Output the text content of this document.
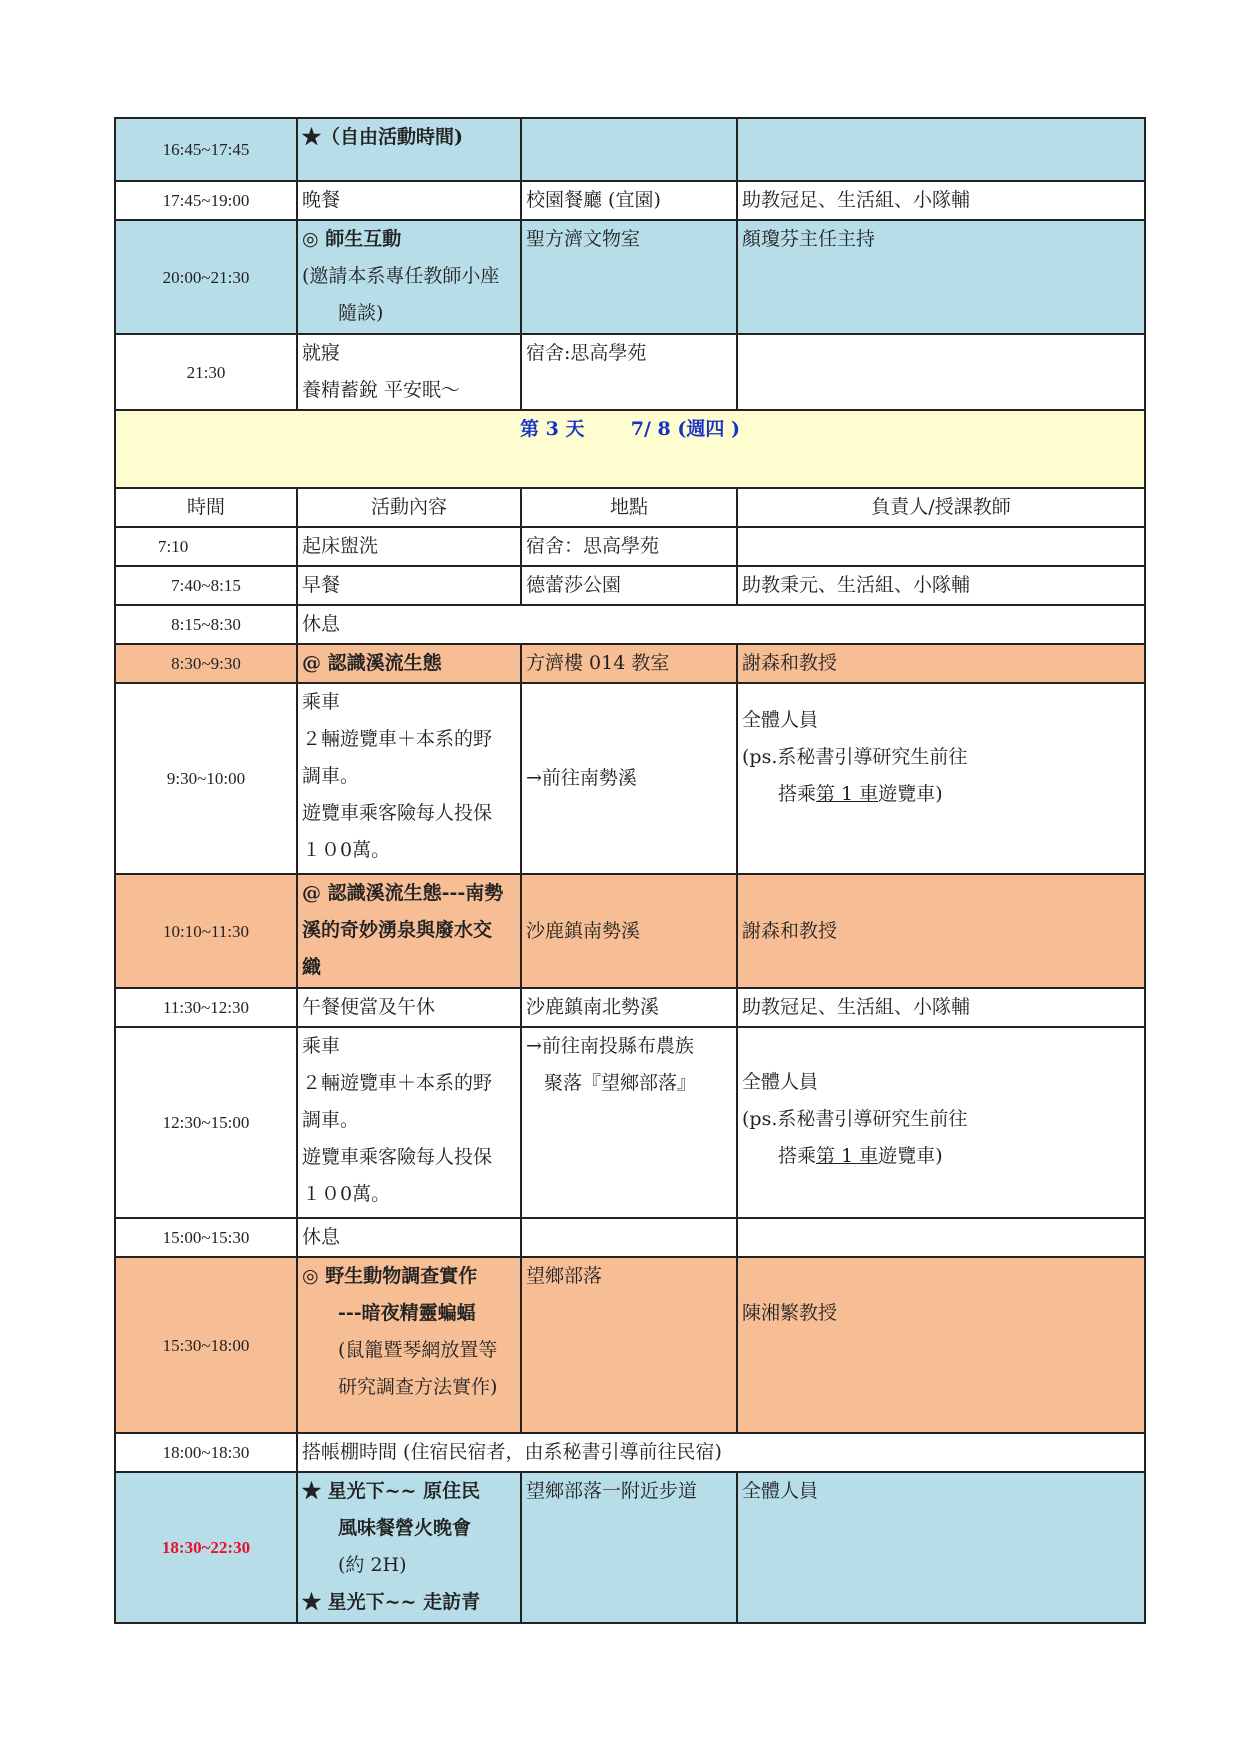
16:45~17:45	★（自由活動時間)		
17:45~19:00	晚餐	校園餐廳 (宜園)	助教冠足、生活組、小隊輔
20:00~21:30	◎ 師生互動
(邀請本系專任教師小座
隨談)	聖方濟文物室	顏瓊芬主任主持
21:30	就寢
養精蓄銳 平安眠～	宿舍:思高學苑	
第 3 天 7/ 8 (週四 )			
時間	活動內容	地點	負責人/授課教師
7:10	起床盥洗	宿舍：思高學苑	
7:40~8:15	早餐	德蕾莎公園	助教秉元、生活組、小隊輔
8:15~8:30	休息		
8:30~9:30	@ 認識溪流生態	方濟樓 014 教室	謝森和教授
9:30~10:00	乘車
２輛遊覽車＋本系的野
調車。
遊覽車乘客險每人投保
１０0萬。	→前往南勢溪	全體人員
(ps.系秘書引導研究生前往
搭乘第 1 車遊覽車)

10:10~11:30	@ 認識溪流生態---南勢
溪的奇妙湧泉與廢水交
織	沙鹿鎮南勢溪	謝森和教授
11:30~12:30	午餐便當及午休	沙鹿鎮南北勢溪	助教冠足、生活組、小隊輔
12:30~15:00	乘車
２輛遊覽車＋本系的野
調車。
遊覽車乘客險每人投保
１０0萬。	→前往南投縣布農族
聚落『望鄉部落』	全體人員
(ps.系秘書引導研究生前往
搭乘第 1 車遊覽車)

15:00~15:30	休息		
15:30~18:00	◎ 野生動物調查實作
---暗夜精靈蝙蝠
(鼠籠暨琴網放置等
研究調查方法實作)	望鄉部落	陳湘繁教授
18:00~18:30	搭帳棚時間 (住宿民宿者，由系秘書引導前往民宿)		
18:30~22:30	★ 星光下~~ 原住民
風味餐營火晚會
(約 2H)
★ 星光下~~ 走訪青	望鄉部落一附近步道	全體人員
